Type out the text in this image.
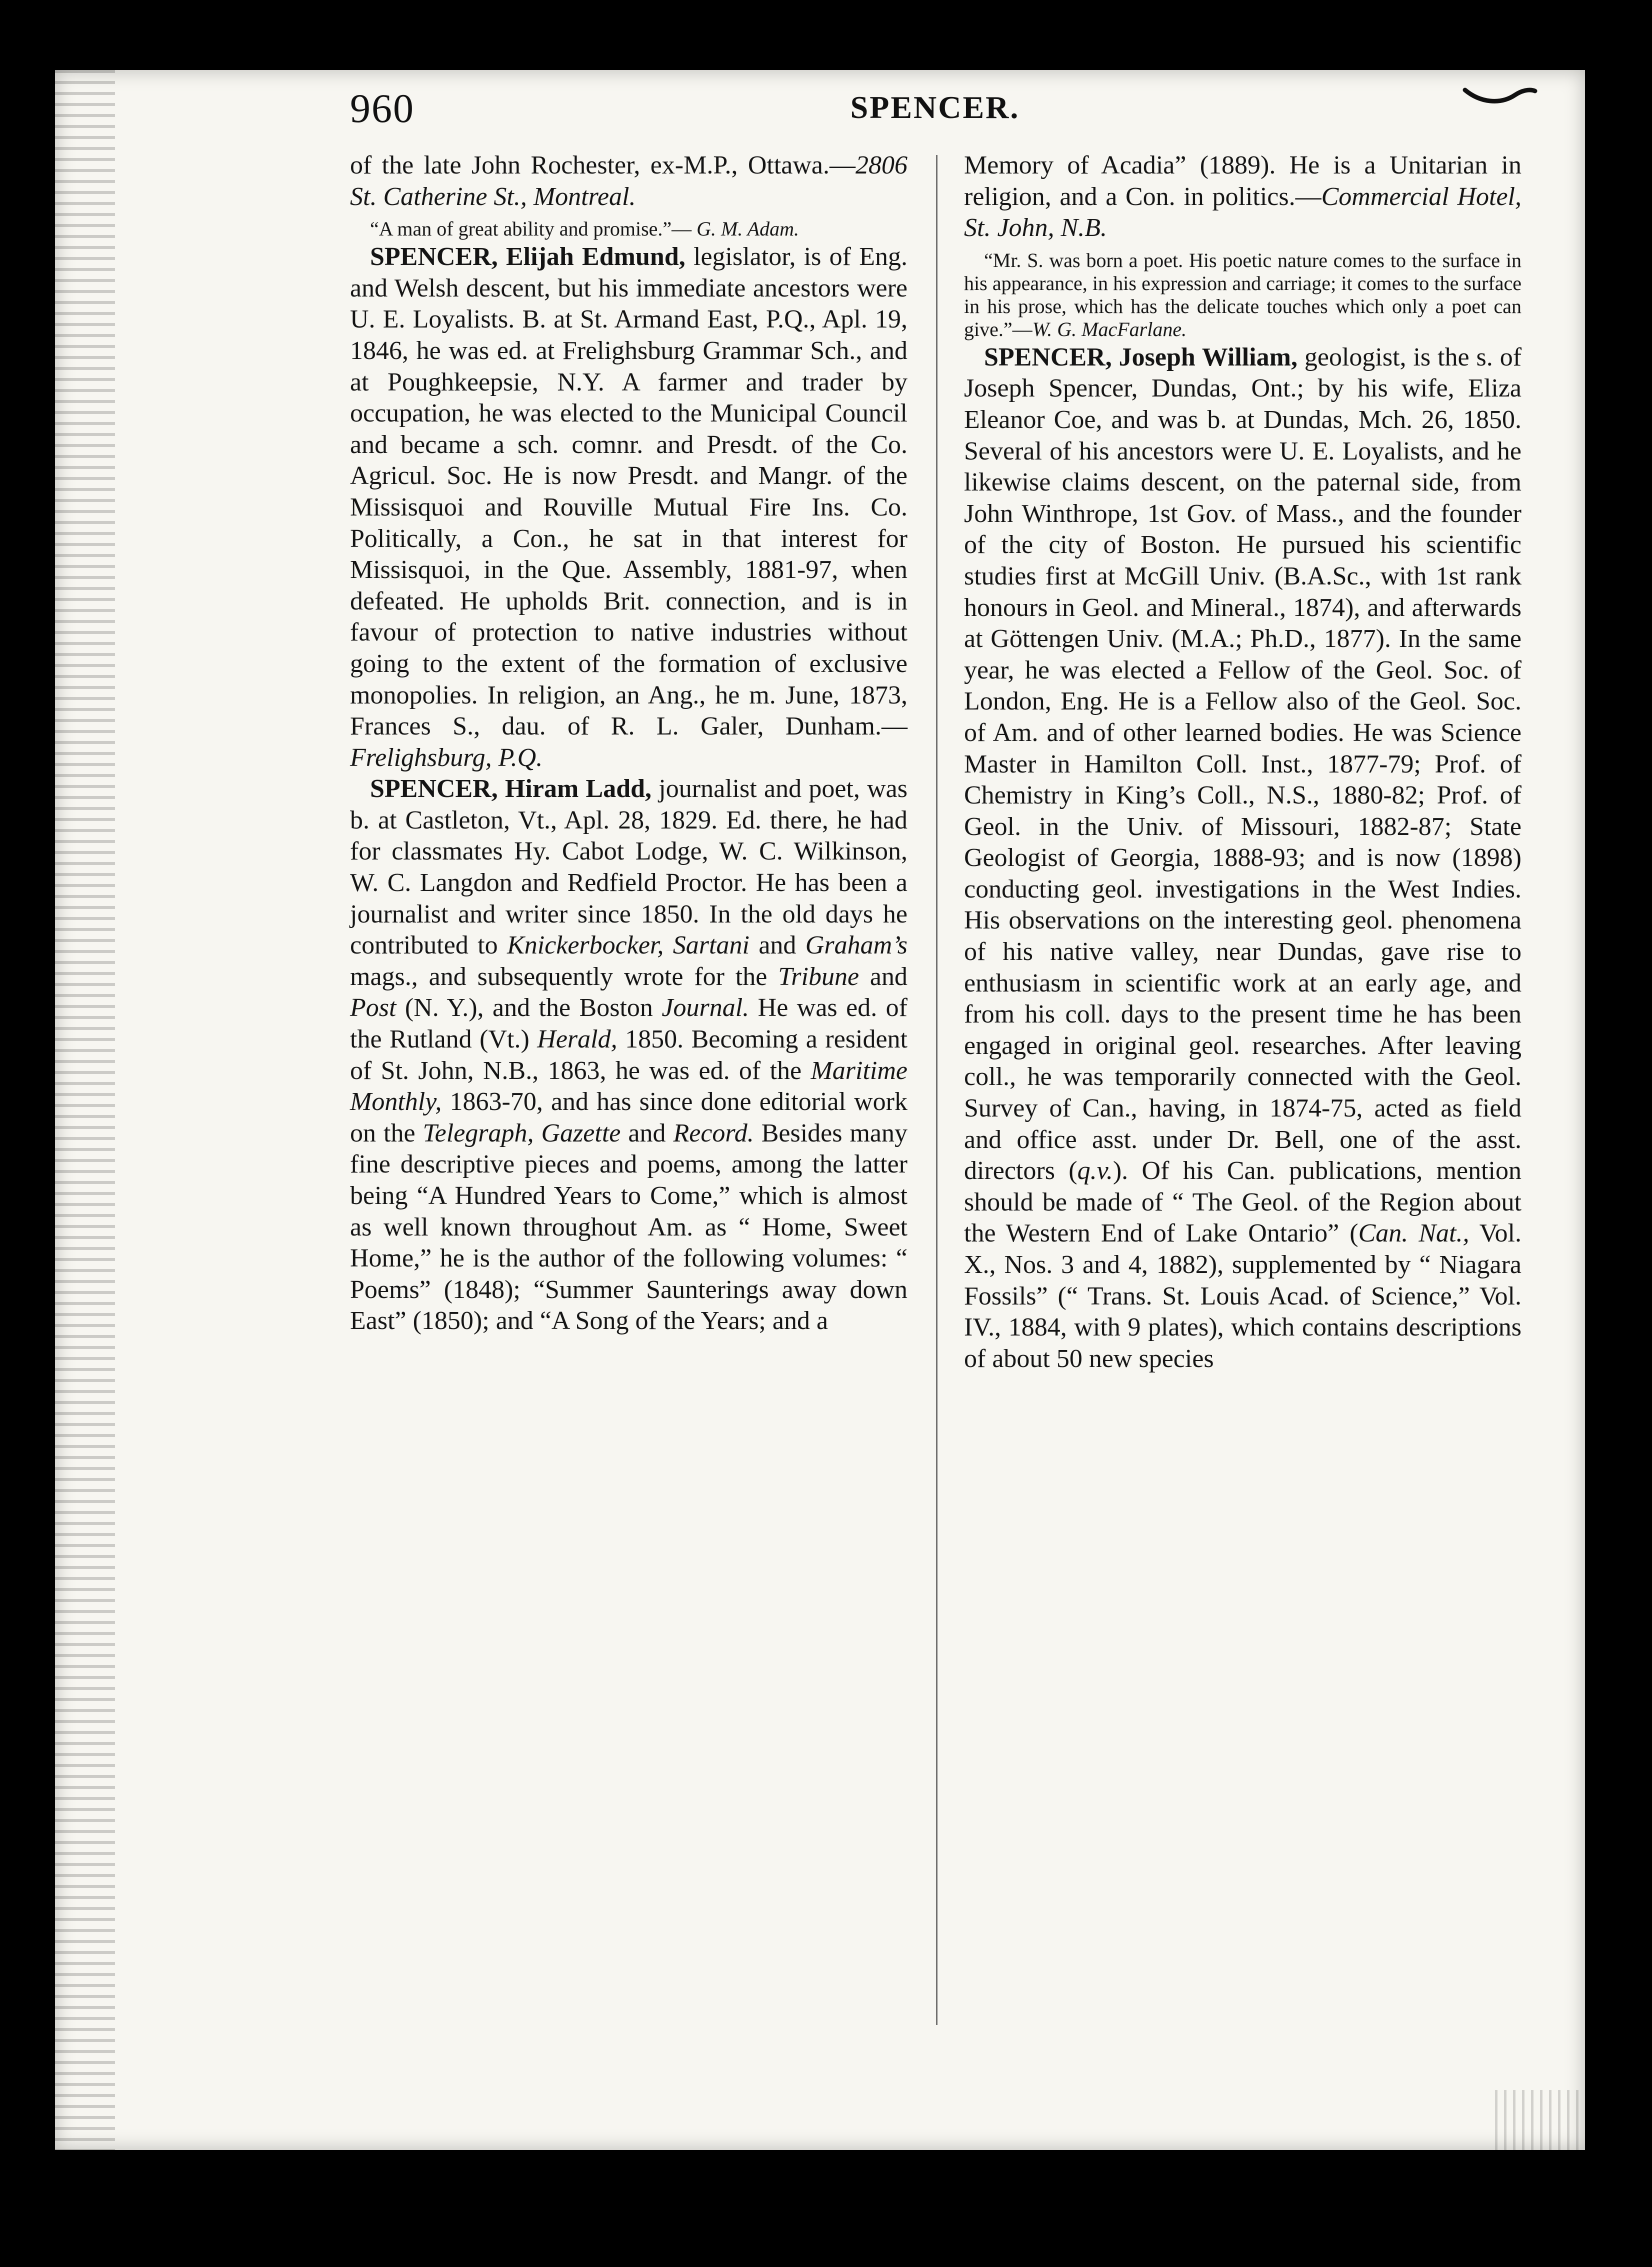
960	SPENCER.

of the late John Rochester, ex-M.P., Ottawa.—2806 St. Catherine St., Montreal.

“A man of great ability and promise.”— G. M. Adam.

SPENCER, Elijah Edmund, legislator, is of Eng. and Welsh descent, but his immediate ancestors were U. E. Loyalists. B. at St. Armand East, P.Q., Apl. 19, 1846, he was ed. at Frelighsburg Grammar Sch., and at Poughkeepsie, N.Y. A farmer and trader by occupation, he was elected to the Municipal Council and became a sch. comnr. and Presdt. of the Co. Agricul. Soc. He is now Presdt. and Mangr. of the Missisquoi and Rouville Mutual Fire Ins. Co. Politically, a Con., he sat in that interest for Missisquoi, in the Que. Assembly, 1881-97, when defeated. He upholds Brit. connection, and is in favour of protection to native industries without going to the extent of the formation of exclusive monopolies. In religion, an Ang., he m. June, 1873, Frances S., dau. of R. L. Galer, Dunham.—Frelighsburg, P.Q.

SPENCER, Hiram Ladd, journalist and poet, was b. at Castleton, Vt., Apl. 28, 1829. Ed. there, he had for classmates Hy. Cabot Lodge, W. C. Wilkinson, W. C. Langdon and Redfield Proctor. He has been a journalist and writer since 1850. In the old days he contributed to Knickerbocker, Sartani and Graham’s mags., and subsequently wrote for the Tribune and Post (N. Y.), and the Boston Journal. He was ed. of the Rutland (Vt.) Herald, 1850. Becoming a resident of St. John, N.B., 1863, he was ed. of the Maritime Monthly, 1863-70, and has since done editorial work on the Telegraph, Gazette and Record. Besides many fine descriptive pieces and poems, among the latter being “A Hundred Years to Come,” which is almost as well known throughout Am. as “ Home, Sweet Home,” he is the author of the following volumes: “ Poems” (1848); “Summer Saunterings away down East” (1850); and “A Song of the Years; and a

Memory of Acadia” (1889). He is a Unitarian in religion, and a Con. in politics.—Commercial Hotel, St. John, N.B.

“Mr. S. was born a poet. His poetic nature comes to the surface in his appearance, in his expression and carriage; it comes to the surface in his prose, which has the delicate touches which only a poet can give.”—W. G. MacFarlane.

SPENCER, Joseph William, geologist, is the s. of Joseph Spencer, Dundas, Ont.; by his wife, Eliza Eleanor Coe, and was b. at Dundas, Mch. 26, 1850. Several of his ancestors were U. E. Loyalists, and he likewise claims descent, on the paternal side, from John Winthrope, 1st Gov. of Mass., and the founder of the city of Boston. He pursued his scientific studies first at McGill Univ. (B.A.Sc., with 1st rank honours in Geol. and Mineral., 1874), and afterwards at Göttengen Univ. (M.A.; Ph.D., 1877). In the same year, he was elected a Fellow of the Geol. Soc. of London, Eng. He is a Fellow also of the Geol. Soc. of Am. and of other learned bodies. He was Science Master in Hamilton Coll. Inst., 1877-79; Prof. of Chemistry in King’s Coll., N.S., 1880-82; Prof. of Geol. in the Univ. of Missouri, 1882-87; State Geologist of Georgia, 1888-93; and is now (1898) conducting geol. investigations in the West Indies. His observations on the interesting geol. phenomena of his native valley, near Dundas, gave rise to enthusiasm in scientific work at an early age, and from his coll. days to the present time he has been engaged in original geol. researches. After leaving coll., he was temporarily connected with the Geol. Survey of Can., having, in 1874-75, acted as field and office asst. under Dr. Bell, one of the asst. directors (q.v.). Of his Can. publications, mention should be made of “ The Geol. of the Region about the Western End of Lake Ontario” (Can. Nat., Vol. X., Nos. 3 and 4, 1882), supplemented by “ Niagara Fossils” (“ Trans. St. Louis Acad. of Science,” Vol. IV., 1884, with 9 plates), which contains descriptions of about 50 new species
